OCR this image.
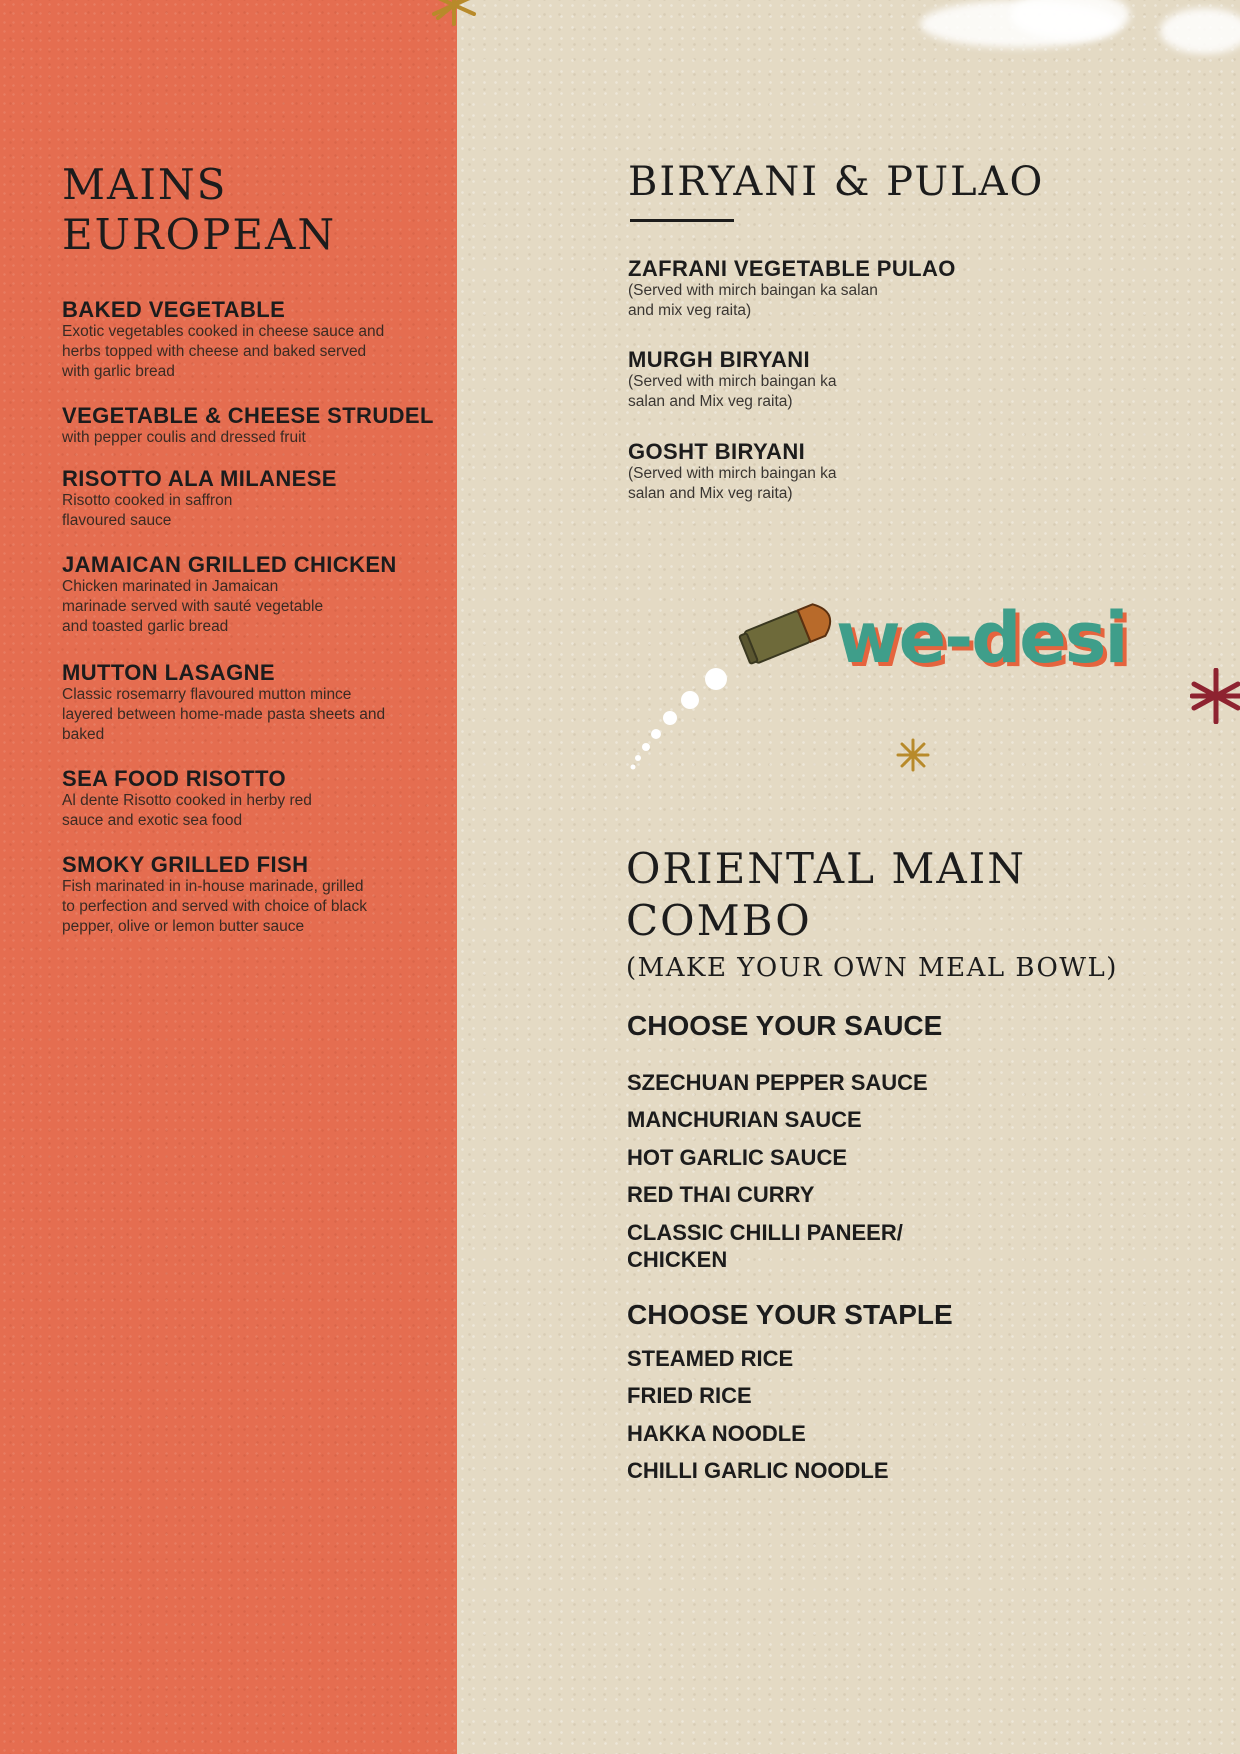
MAINS
EUROPEAN
BAKED VEGETABLE
Exotic vegetables cooked in cheese sauce and
herbs topped with cheese and baked served
with garlic bread
VEGETABLE & CHEESE STRUDEL
with pepper coulis and dressed fruit
RISOTTO ALA MILANESE
Risotto cooked in saffron
flavoured sauce
JAMAICAN GRILLED CHICKEN
Chicken marinated in Jamaican
marinade served with sauté vegetable
and toasted garlic bread
MUTTON LASAGNE
Classic rosemarry flavoured mutton mince
layered between home-made pasta sheets and
baked
SEA FOOD RISOTTO
Al dente Risotto cooked in herby red
sauce and exotic sea food
SMOKY GRILLED FISH
Fish marinated in in-house marinade, grilled
to perfection and served with choice of black
pepper, olive or lemon butter sauce
BIRYANI & PULAO
ZAFRANI VEGETABLE PULAO
(Served with mirch baingan ka salan
and mix veg raita)
MURGH BIRYANI
(Served with mirch baingan ka
salan and Mix veg raita)
GOSHT BIRYANI
(Served with mirch baingan ka
salan and Mix veg raita)
we-desi
ORIENTAL MAIN
COMBO
(MAKE YOUR OWN MEAL BOWL)
CHOOSE YOUR SAUCE
SZECHUAN PEPPER SAUCE
MANCHURIAN SAUCE
HOT GARLIC SAUCE
RED THAI CURRY
CLASSIC CHILLI PANEER/
CHICKEN
CHOOSE YOUR STAPLE
STEAMED RICE
FRIED RICE
HAKKA NOODLE
CHILLI GARLIC NOODLE
